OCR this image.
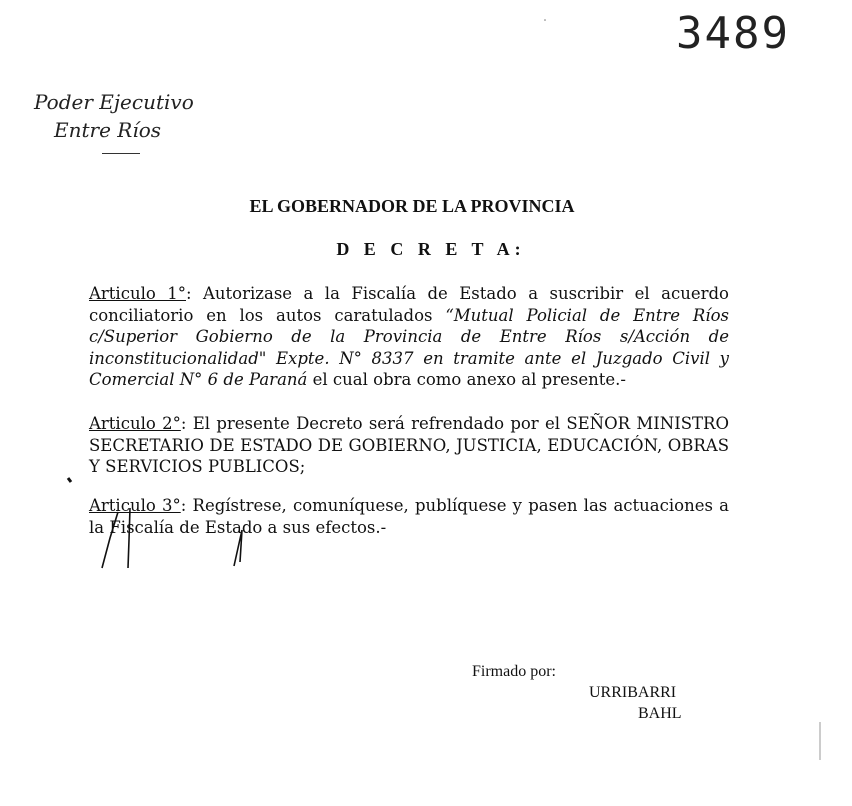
3489
Poder Ejecutivo
Entre Ríos
EL GOBERNADOR DE LA PROVINCIA
D E C R E T A:
Articulo 1°: Autorizase a la Fiscalía de Estado a suscribir el acuerdo conciliatorio en los autos caratulados “Mutual Policial de Entre Ríos c/Superior Gobierno de la Provincia de Entre Ríos s/Acción de inconstitucionalidad" Expte. N° 8337 en tramite ante el Juzgado Civil y Comercial N° 6 de Paraná el cual obra como anexo al presente.-
Articulo 2°: El presente Decreto será refrendado por el SEÑOR MINISTRO SECRETARIO DE ESTADO DE GOBIERNO, JUSTICIA, EDUCACIÓN, OBRAS Y SERVICIOS PUBLICOS;
Articulo 3°: Regístrese, comuníquese, publíquese y pasen las actuaciones a la Fiscalía de Estado a sus efectos.-
Firmado por:
URRIBARRI
BAHL
